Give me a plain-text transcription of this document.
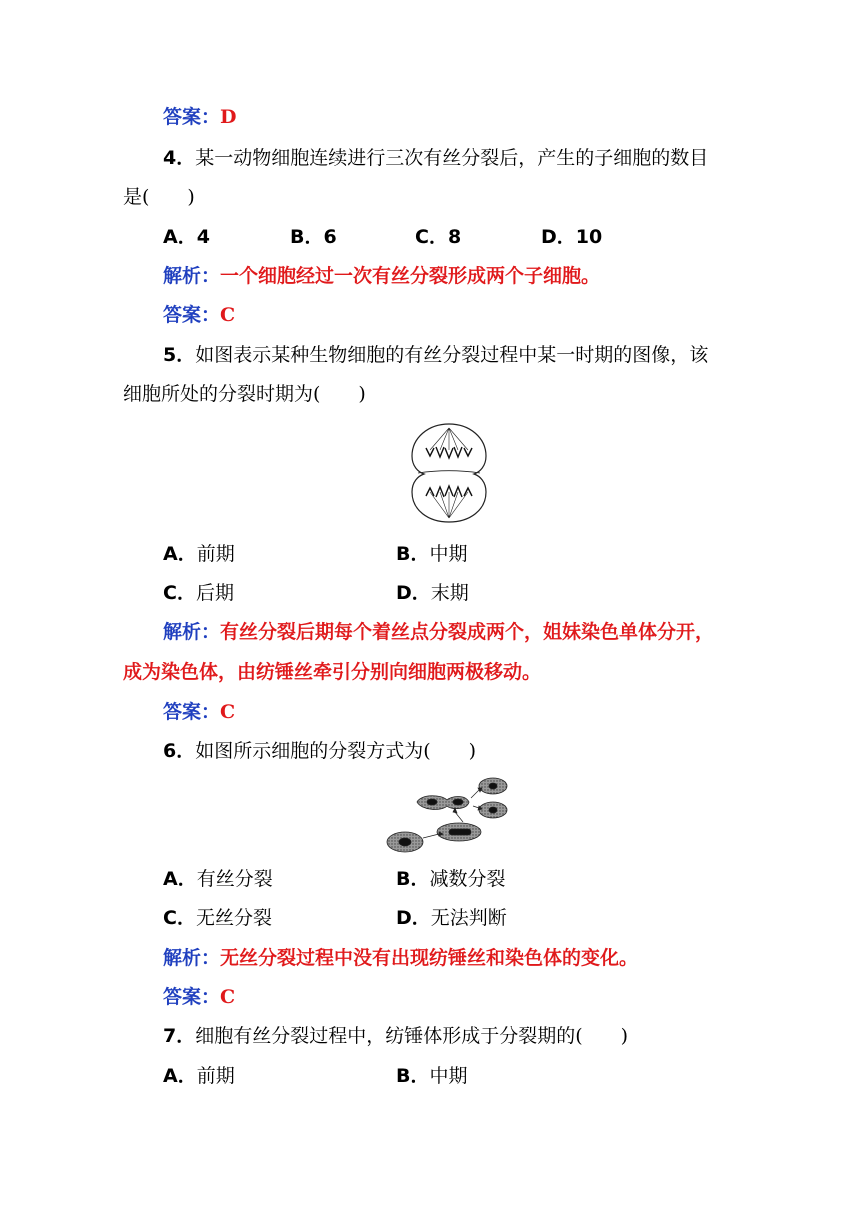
答案：D
4．某一动物细胞连续进行三次有丝分裂后，产生的子细胞的数目
是(　　)
A．4	B．6	C．8	D．10
解析：一个细胞经过一次有丝分裂形成两个子细胞。
答案：C
5．如图表示某种生物细胞的有丝分裂过程中某一时期的图像，该
细胞所处的分裂时期为(　　)
A．前期	B．中期
C．后期	D．末期
解析：有丝分裂后期每个着丝点分裂成两个，姐妹染色单体分开，
成为染色体，由纺锤丝牵引分别向细胞两极移动。
答案：C
6．如图所示细胞的分裂方式为(　　)
A．有丝分裂	B．减数分裂
C．无丝分裂	D．无法判断
解析：无丝分裂过程中没有出现纺锤丝和染色体的变化。
答案：C
7．细胞有丝分裂过程中，纺锤体形成于分裂期的(　　)
A．前期	B．中期
